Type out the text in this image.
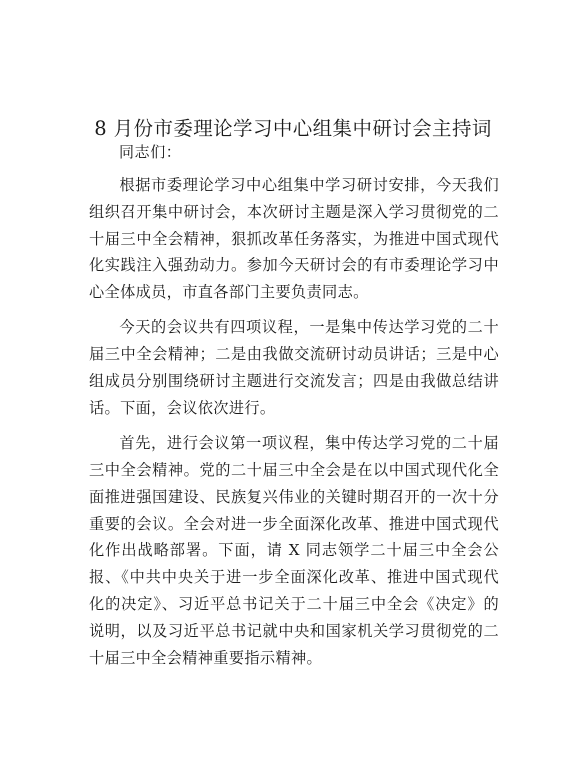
8 月份市委理论学习中心组集中研讨会主持词

同志们：

根据市委理论学习中心组集中学习研讨安排，今天我们组织召开集中研讨会，本次研讨主题是深入学习贯彻党的二十届三中全会精神，狠抓改革任务落实，为推进中国式现代化实践注入强劲动力。参加今天研讨会的有市委理论学习中心全体成员，市直各部门主要负责同志。

今天的会议共有四项议程，一是集中传达学习党的二十届三中全会精神；二是由我做交流研讨动员讲话；三是中心组成员分别围绕研讨主题进行交流发言；四是由我做总结讲话。下面，会议依次进行。

首先，进行会议第一项议程，集中传达学习党的二十届三中全会精神。党的二十届三中全会是在以中国式现代化全面推进强国建设、民族复兴伟业的关键时期召开的一次十分重要的会议。全会对进一步全面深化改革、推进中国式现代化作出战略部署。下面，请 X 同志领学二十届三中全会公报、《中共中央关于进一步全面深化改革、推进中国式现代化的决定》、习近平总书记关于二十届三中全会《决定》的说明，以及习近平总书记就中央和国家机关学习贯彻党的二十届三中全会精神重要指示精神。
